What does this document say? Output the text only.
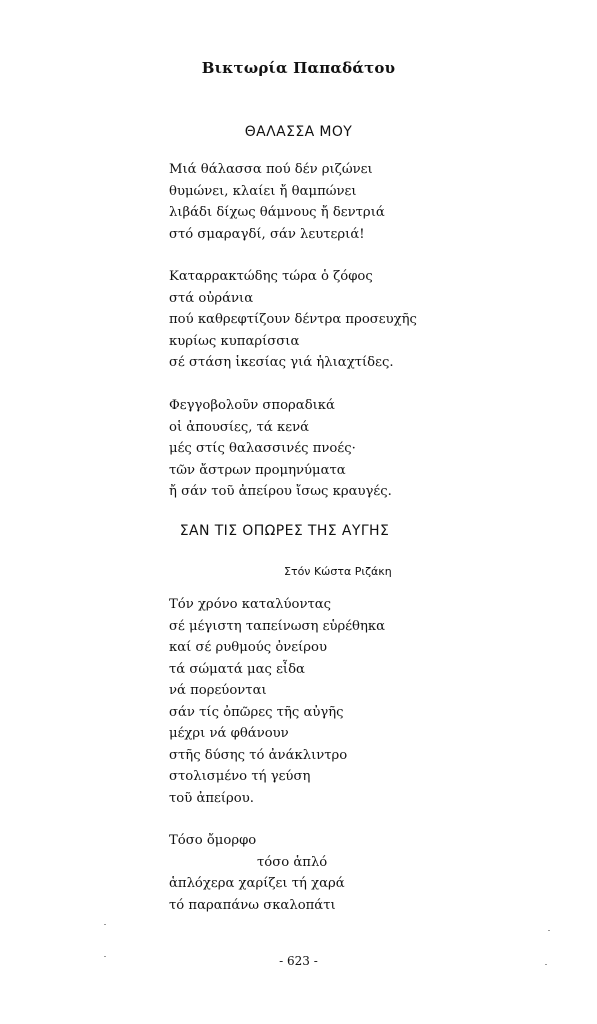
Βικτωρία Παπαδάτου
ΘΑΛΑΣΣΑ ΜΟΥ
Μιά θάλασσα πού δέν ριζώνει
θυμώνει, κλαίει ἤ θαμπώνει
λιβάδι δίχως θάμνους ἤ δεντριά
στό σμαραγδί, σάν λευτεριά!
Καταρρακτώδης τώρα ὁ ζόφος
στά οὐράνια
πού καθρεφτίζουν δέντρα προσευχῆς
κυρίως κυπαρίσσια
σέ στάση ἱκεσίας γιά ἡλιαχτίδες.
Φεγγοβολοῦν σποραδικά
οἱ ἀπουσίες, τά κενά
μές στίς θαλασσινές πνοές·
τῶν ἄστρων προμηνύματα
ἤ σάν τοῦ ἀπείρου ἴσως κραυγές.
ΣΑΝ ΤΙΣ ΟΠΩΡΕΣ ΤΗΣ ΑΥΓΗΣ
Στόν Κώστα Ριζάκη
Τόν χρόνο καταλύοντας
σέ μέγιστη ταπείνωση εὑρέθηκα
καί σέ ρυθμούς ὀνείρου
τά σώματά μας εἶδα
νά πορεύονται
σάν τίς ὀπῶρες τῆς αὐγῆς
μέχρι νά φθάνουν
στῆς δύσης τό ἀνάκλιντρο
στολισμένο τή γεύση
τοῦ ἀπείρου.
Τόσο ὄμορφο
τόσο ἁπλό
ἁπλόχερα χαρίζει τή χαρά
τό παραπάνω σκαλοπάτι
- 623 -
